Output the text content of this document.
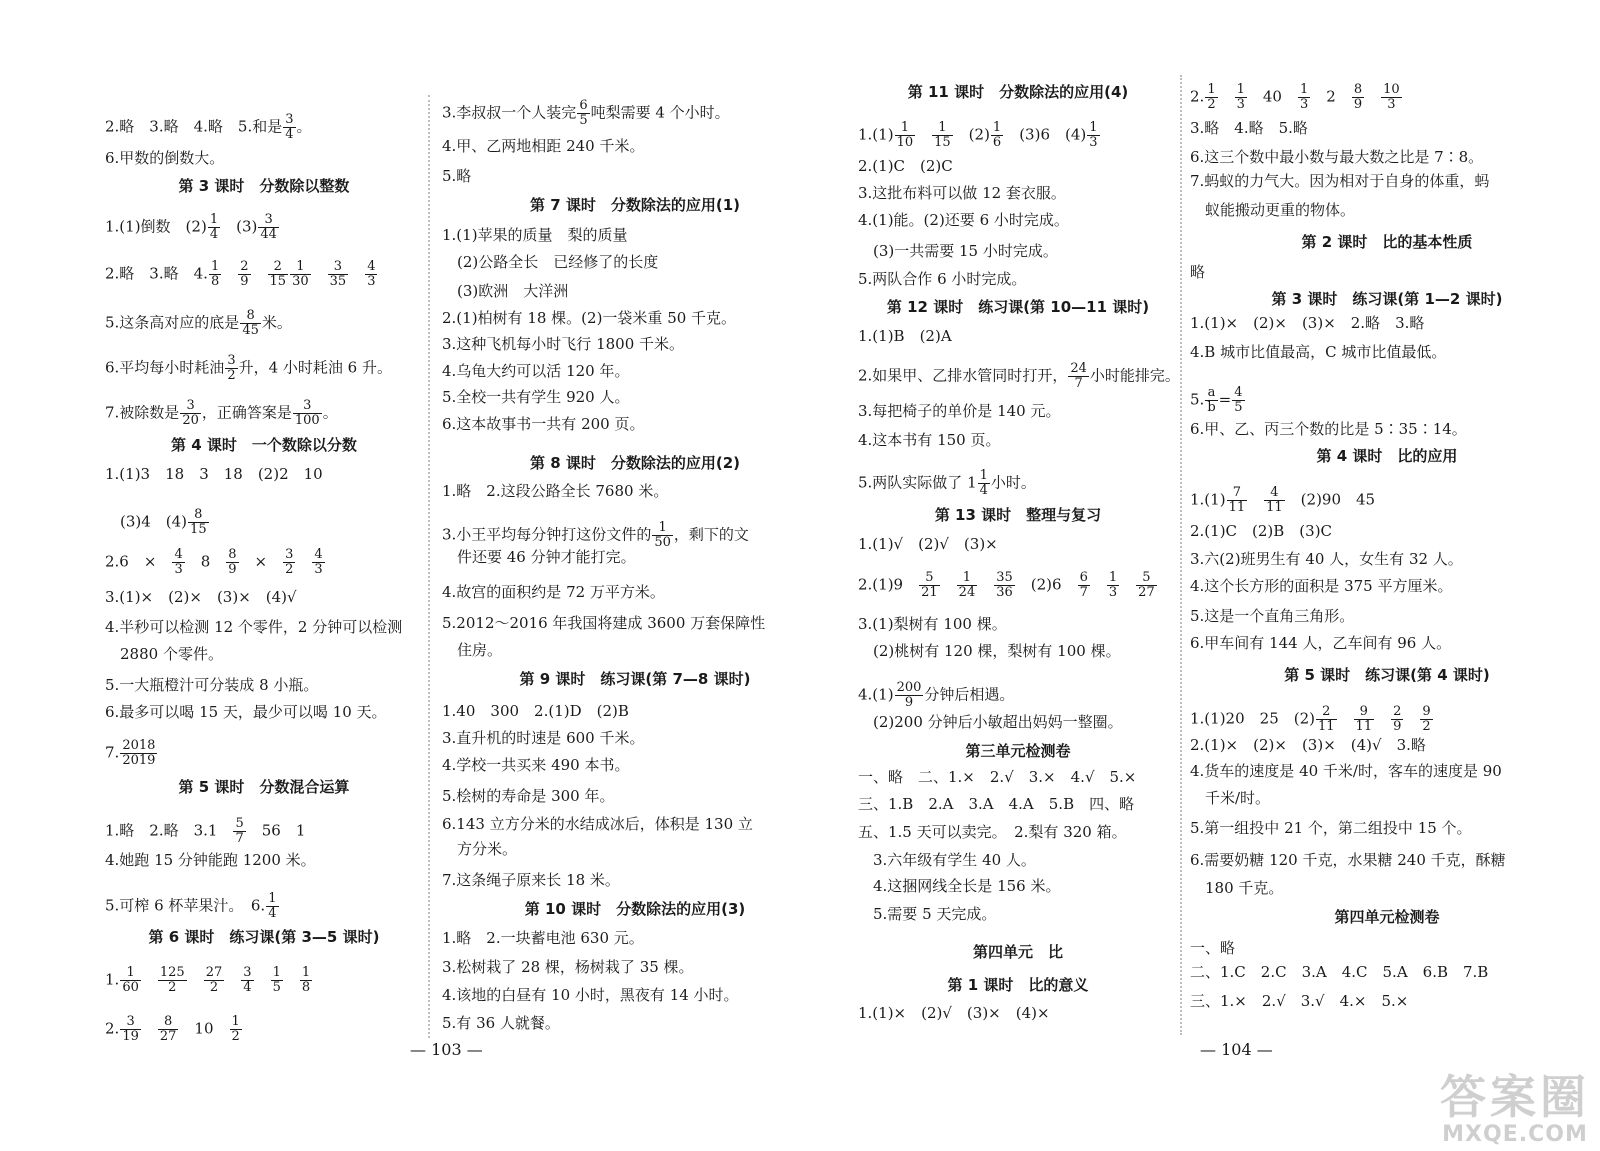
2.略　3.略　4.略　5.和是 $\frac{3}{4}$ 。
6.甲数的倒数大。
第 3 课时　分数除以整数
1.(1)倒数　$(2) \frac{1}{4}$ 　$(3) \frac{3}{44}$
2.略　3.略　4. $\frac{1}{8}$
　 $\frac{2}{9}$
　 $\frac{2}{15} \frac{1}{30}$
　 $\frac{3}{35}$
　 $\frac{4}{3}$
5.这条高对应的底是 $\frac{8}{45}$ 米。
6.平均每小时耗油 $\frac{3}{2}$ 升，4 小时耗油 6 升。
7.被除数是 $\frac{3}{20}$ ，正确答案是 $\frac{3}{100}$ 。
第 4 课时　一个数除以分数
1.(1)3　18　3　18　(2)2　10
　(3)4　$(4) \frac{8}{15}$
2.6　×　 $\frac{4}{3}$ 　8　 $\frac{8}{9}$ 　×　 $\frac{3}{2}$
　 $\frac{4}{3}$
3.(1)×　(2)×　(3)×　(4)√
4.半秒可以检测 12 个零件，2 分钟可以检测
　2880 个零件。
5.一大瓶橙汁可分装成 8 小瓶。
6.最多可以喝 15 天，最少可以喝 10 天。
7. $\frac{2018}{2019}$
第 5 课时　分数混合运算
1.略　2.略　3.1　 $\frac{5}{7}$ 　56　1
4.她跑 15 分钟能跑 1200 米。
5.可榨 6 杯苹果汁。　6. $\frac{1}{4}$
第 6 课时　练习课(第 3—5 课时)
1. $\frac{1}{60}$
　 $\frac{125}{2}$
　 $\frac{27}{2}$
　 $\frac{3}{4}$
　 $\frac{1}{5}$
　 $\frac{1}{8}$
2. $\frac{3}{19}$
　 $\frac{8}{27}$ 　10　 $\frac{1}{2}$
3.李叔叔一个人装完 $\frac{6}{5}$ 吨梨需要 4 个小时。
4.甲、乙两地相距 240 千米。
5.略
第 7 课时　分数除法的应用(1)
1.(1)苹果的质量　梨的质量
　(2)公路全长　已经修了的长度
　(3)欧洲　大洋洲
2.(1)柏树有 18 棵。(2)一袋米重 50 千克。
3.这种飞机每小时飞行 1800 千米。
4.乌龟大约可以活 120 年。
5.全校一共有学生 920 人。
6.这本故事书一共有 200 页。
第 8 课时　分数除法的应用(2)
1.略　2.这段公路全长 7680 米。
3.小王平均每分钟打这份文件的 $\frac{1}{50}$ ，剩下的文
　件还要 46 分钟才能打完。
4.故宫的面积约是 72 万平方米。
5.2012～2016 年我国将建成 3600 万套保障性
　住房。
第 9 课时　练习课(第 7—8 课时)
1.40　300　2.(1)D　(2)B
3.直升机的时速是 600 千米。
4.学校一共买来 490 本书。
5.桧树的寿命是 300 年。
6.143 立方分米的水结成冰后，体积是 130 立
　方分米。
7.这条绳子原来长 18 米。
第 10 课时　分数除法的应用(3)
1.略　2.一块蓄电池 630 元。
3.松树栽了 28 棵，杨树栽了 35 棵。
4.该地的白昼有 10 小时，黑夜有 14 小时。
5.有 36 人就餐。
— 103 —
第 11 课时　分数除法的应用(4)
$1.(1) \frac{1}{10}$
　 $\frac{1}{15}$ 　$(2) \frac{1}{6}$ 　(3)6　$(4) \frac{1}{3}$
2.(1)C　(2)C
3.这批布料可以做 12 套衣服。
4.(1)能。(2)还要 6 小时完成。
　(3)一共需要 15 小时完成。
5.两队合作 6 小时完成。
第 12 课时　练习课(第 10—11 课时)
1.(1)B　(2)A
2.如果甲、乙排水管同时打开， $\frac{24}{7}$ 小时能排完。
3.每把椅子的单价是 140 元。
4.这本书有 150 页。
5.两队实际做了 $1 \frac{1}{4}$ 小时。
第 13 课时　整理与复习
1.(1)√　(2)√　(3)×
2.(1)9　 $\frac{5}{21}$
　 $\frac{1}{24}$
　 $\frac{35}{36}$ 　(2)6　 $\frac{6}{7}$
　 $\frac{1}{3}$
　 $\frac{5}{27}$
3.(1)梨树有 100 棵。
　(2)桃树有 120 棵，梨树有 100 棵。
$4.(1) \frac{200}{9}$ 分钟后相遇。
　(2)200 分钟后小敏超出妈妈一整圈。
第三单元检测卷
一、略　二、1.×　2.√　3.×　4.√　5.×
三、1.B　2.A　3.A　4.A　5.B　四、略
五、1.5 天可以卖完。　2.梨有 320 箱。
　3.六年级有学生 40 人。
　4.这捆网线全长是 156 米。
　5.需要 5 天完成。
第四单元　比
第 1 课时　比的意义
1.(1)×　(2)√　(3)×　(4)×
2. $\frac{1}{2}$
　 $\frac{1}{3}$ 　40　 $\frac{1}{3}$ 　2　 $\frac{8}{9}$
　 $\frac{10}{3}$
3.略　4.略　5.略
6.这三个数中最小数与最大数之比是 7∶8。
7.蚂蚁的力气大。因为相对于自身的体重，蚂
　蚁能搬动更重的物体。
第 2 课时　比的基本性质
略
第 3 课时　练习课(第 1—2 课时)
1.(1)×　(2)×　(3)×　2.略　3.略
4.B 城市比值最高，C 城市比值最低。
5. $\frac{a}{b} = \frac{4}{5}$
6.甲、乙、丙三个数的比是 5∶35∶14。
第 4 课时　比的应用
$1.(1) \frac{7}{11}$
　 $\frac{4}{11}$ 　(2)90　45
2.(1)C　(2)B　(3)C
3.六(2)班男生有 40 人，女生有 32 人。
4.这个长方形的面积是 375 平方厘米。
5.这是一个直角三角形。
6.甲车间有 144 人，乙车间有 96 人。
第 5 课时　练习课(第 4 课时)
1.(1)20　25　$(2) \frac{2}{11}$
　 $\frac{9}{11}$
　 $\frac{2}{9}$
　 $\frac{9}{2}$
2.(1)×　(2)×　(3)×　(4)√　3.略
4.货车的速度是 40 千米/时，客车的速度是 90
　千米/时。
5.第一组投中 21 个，第二组投中 15 个。
6.需要奶糖 120 千克，水果糖 240 千克，酥糖
　180 千克。
第四单元检测卷
一、略
二、1.C　2.C　3.A　4.C　5.A　6.B　7.B
三、1.×　2.√　3.√　4.×　5.×
— 104 —
答案圈
MXQE.COM
